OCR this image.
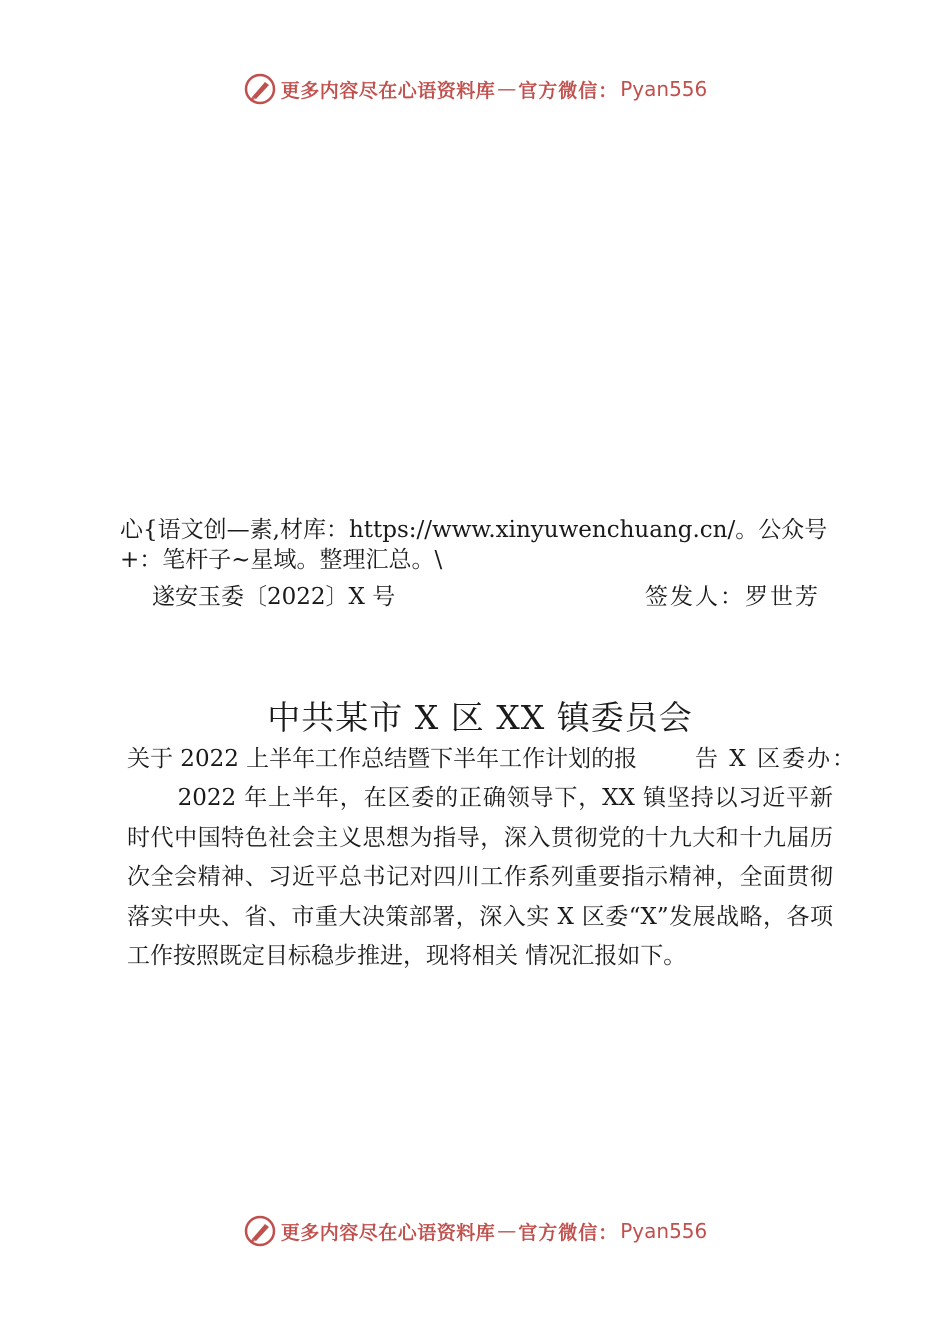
更多内容尽在心语资料库 — 官方微信： Pyan556
心{语文创—素,材库：https://www.xinyuwenchuang.cn/。公众号+：笔杆子~星域。整理汇总。\
遂安玉委〔2022〕X 号	签发人：罗世芳
中共某市 X 区 XX 镇委员会
关于 2022 上半年工作总结暨下半年工作计划的报	告 X 区委办：

2022 年上半年，在区委的正确领导下，XX 镇坚持以习近平新时代中国特色社会主义思想为指导，深入贯彻党的十九大和十九届历次全会精神、习近平总书记对四川工作系列重要指示精神，全面贯彻落实中央、省、市重大决策部署，深入实 X 区委“X”发展战略，各项工作按照既定目标稳步推进，现将相关 情况汇报如下。

更多内容尽在心语资料库 — 官方微信： Pyan556
